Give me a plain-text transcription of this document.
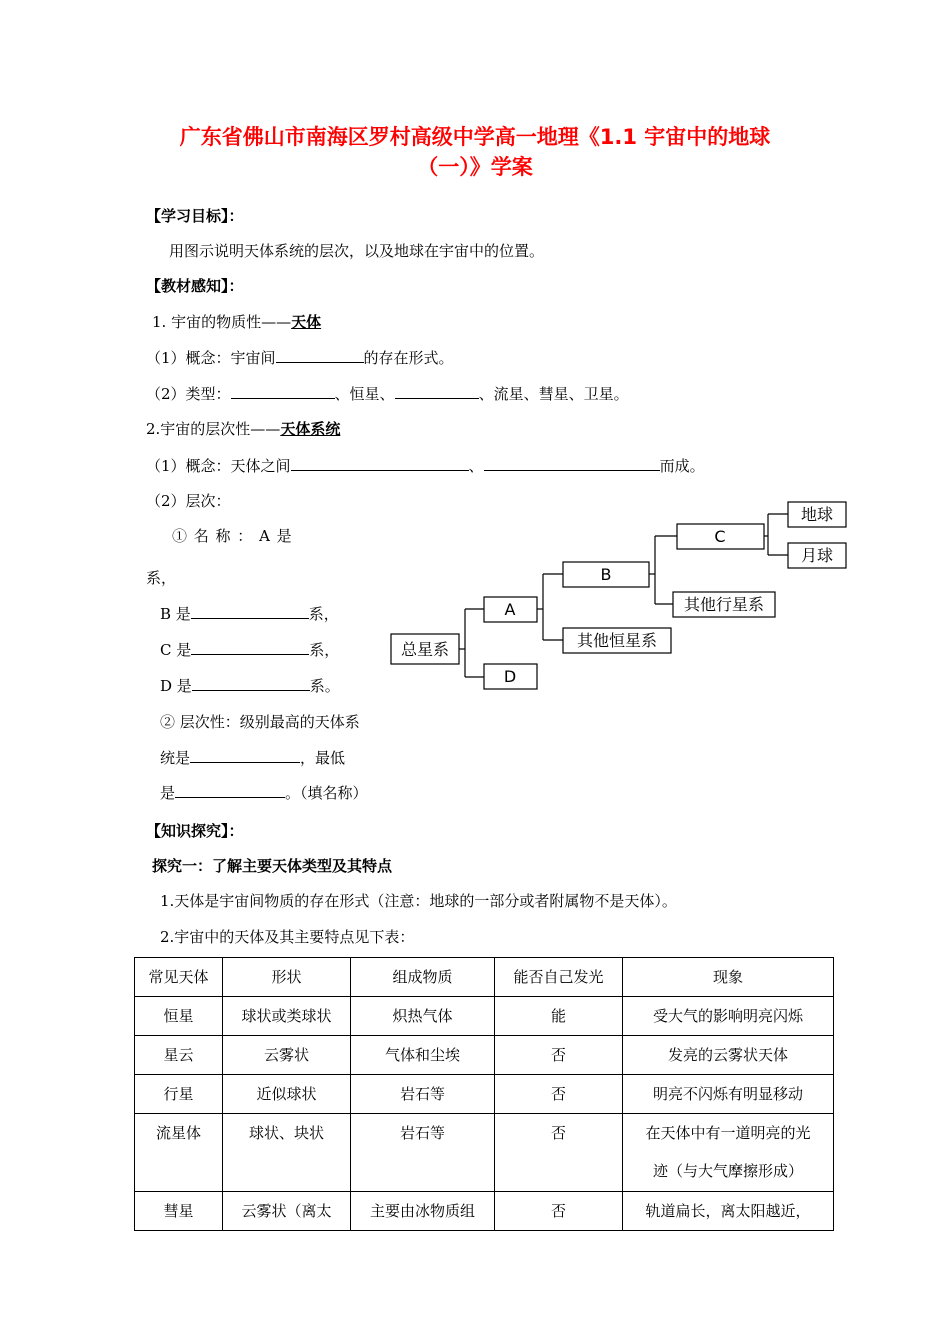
广东省佛山市南海区罗村高级中学高一地理《1.1 宇宙中的地球
（一）》学案
【学习目标】：
用图示说明天体系统的层次，以及地球在宇宙中的位置。
【教材感知】：
1. 宇宙的物质性——天体
（1）概念：宇宙间	的存在形式。
（2）类型：	、恒星、	、流星、彗星、卫星。
2.宇宙的层次性——天体系统
（1）概念：天体之间	、	而成。
（2）层次：
① 名 称 ： A 是
系，
B 是	系，
C 是	系，
D 是	系。
② 层次性：级别最高的天体系
统是	，最低
是	。（填名称）
总星系
A
D
B
其他恒星系
C
其他行星系
地球
月球
【知识探究】：
探究一：了解主要天体类型及其特点
1.天体是宇宙间物质的存在形式（注意：地球的一部分或者附属物不是天体）。
2.宇宙中的天体及其主要特点见下表：
常见天体	形状	组成物质	能否自己发光	现象
恒星	球状或类球状	炽热气体	能	受大气的影响明亮闪烁
星云	云雾状	气体和尘埃	否	发亮的云雾状天体
行星	近似球状	岩石等	否	明亮不闪烁有明显移动
流星体	球状、块状	岩石等	否	在天体中有一道明亮的光
迹（与大气摩擦形成）

彗星	云雾状（离太	主要由冰物质组	否	轨道扁长，离太阳越近，
